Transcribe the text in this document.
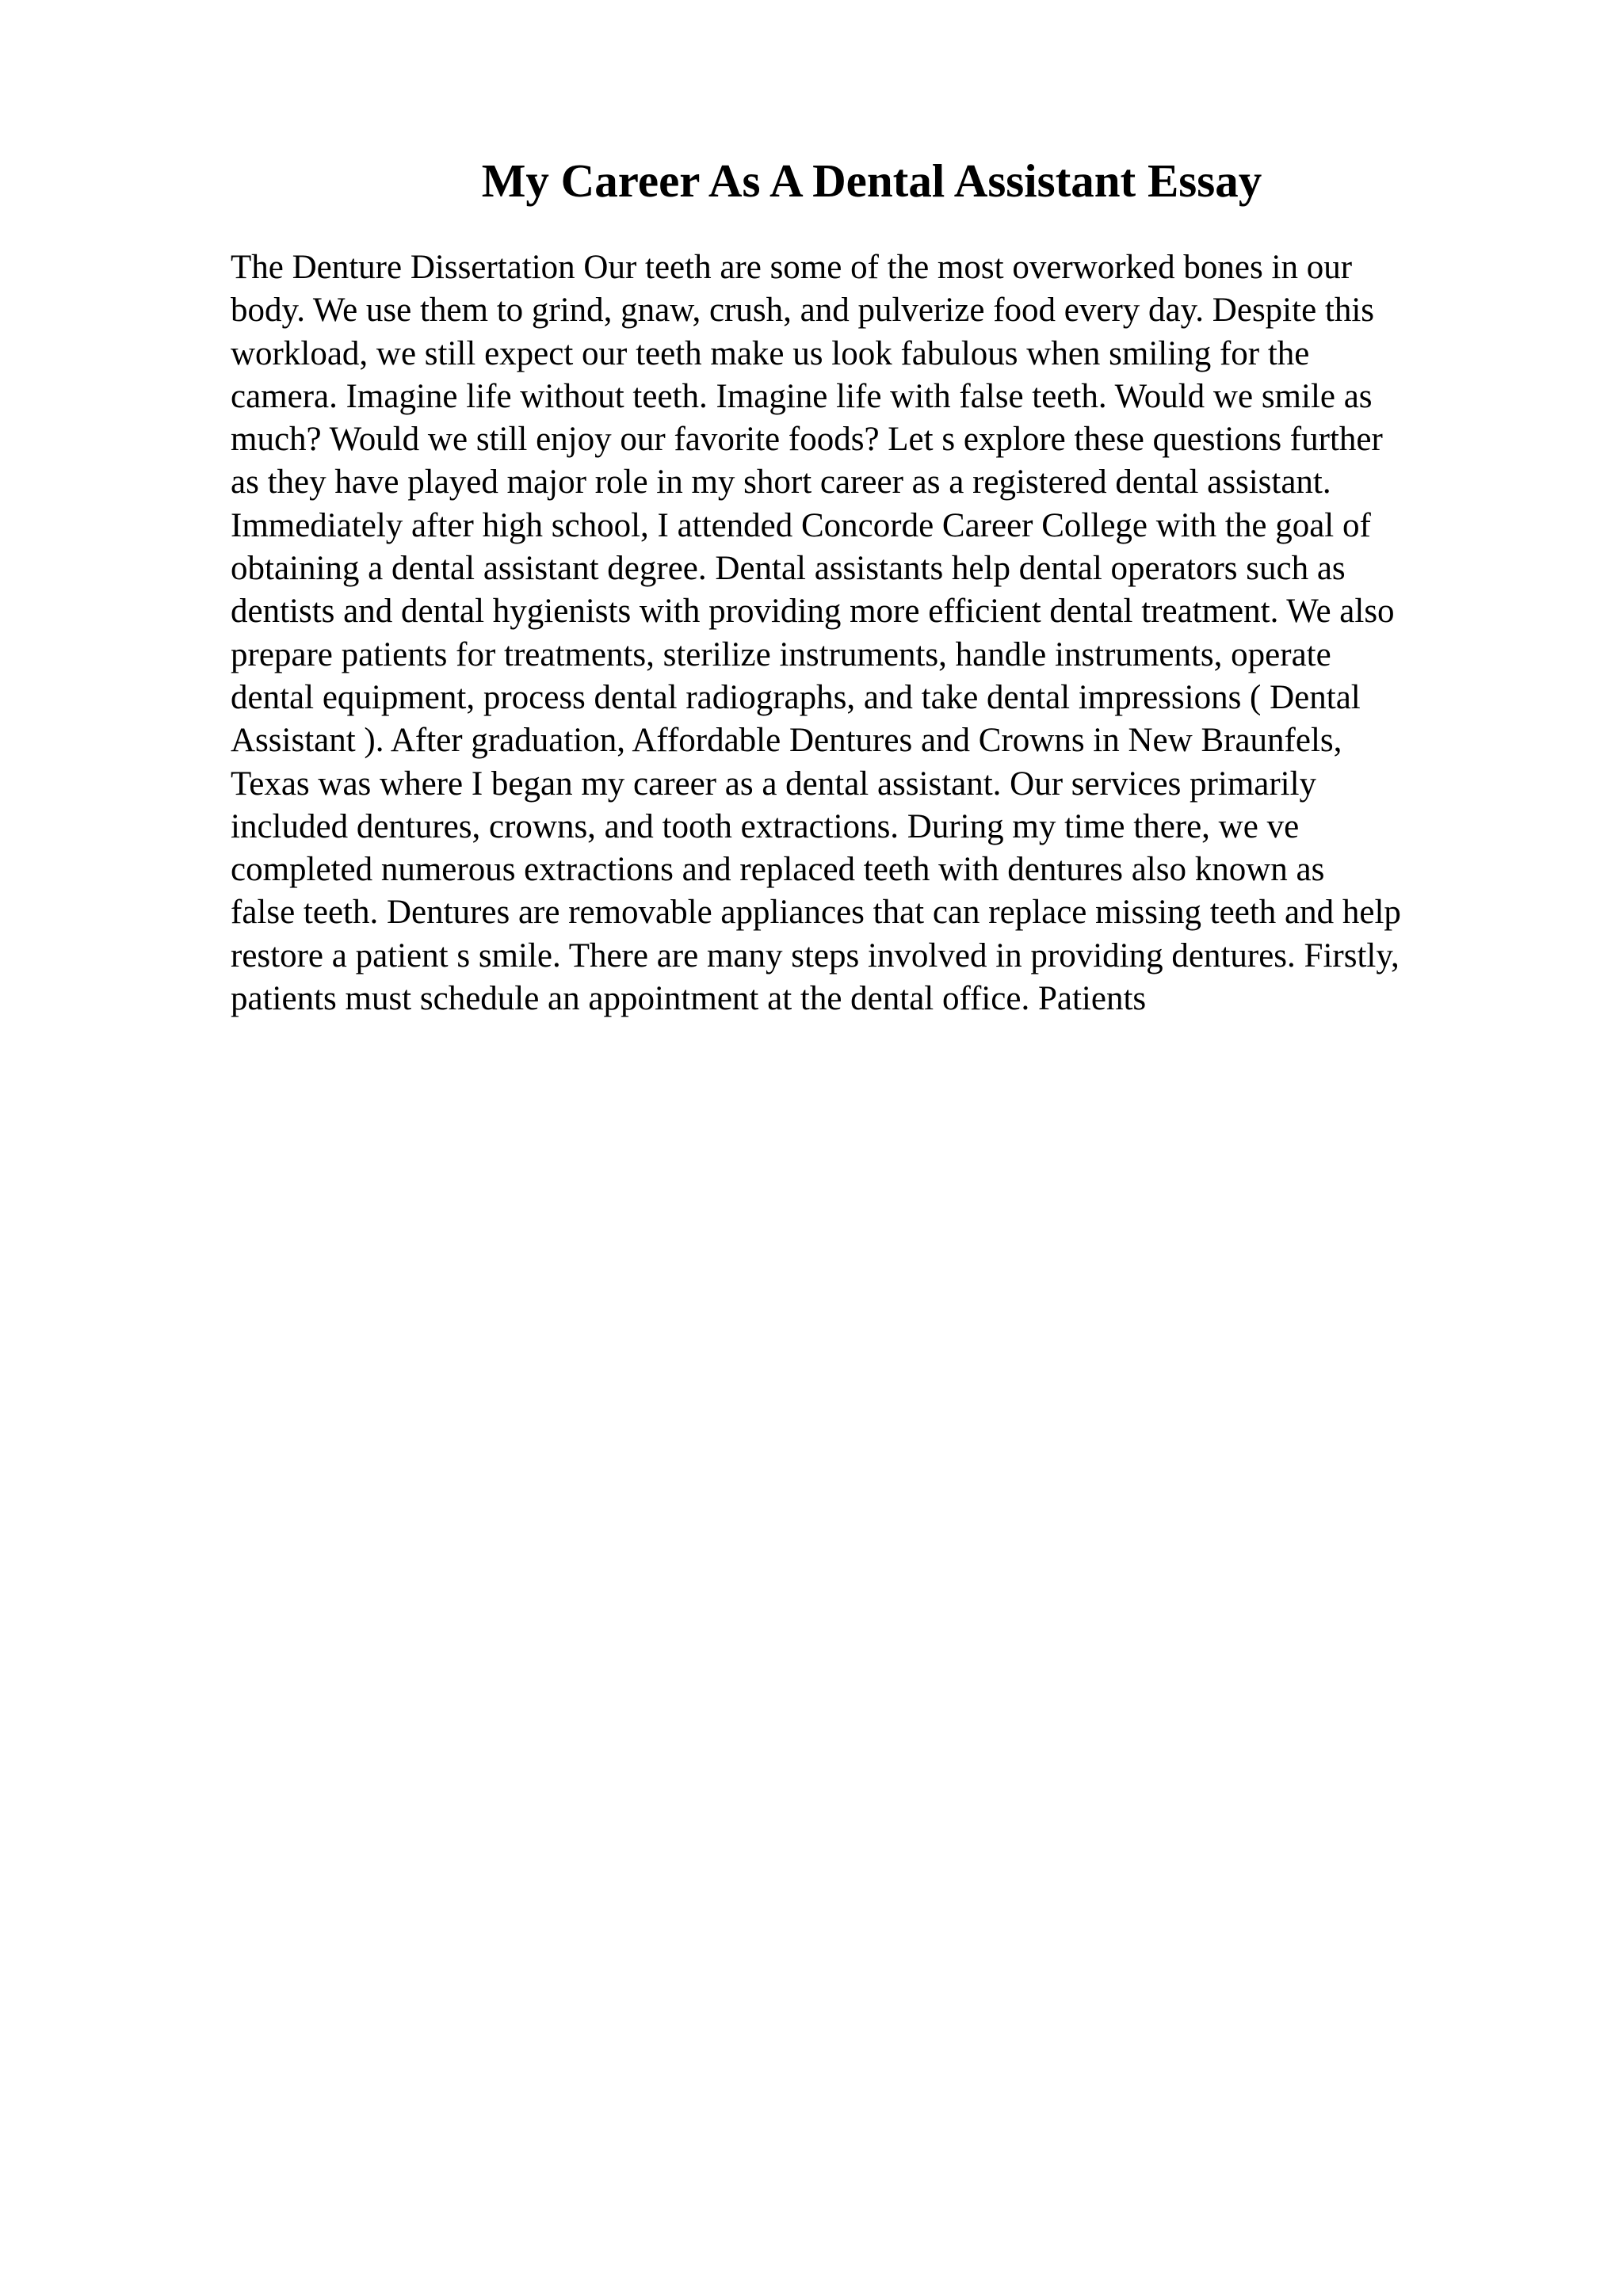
My Career As A Dental Assistant Essay
The Denture Dissertation Our teeth are some of the most overworked bones in our
body. We use them to grind, gnaw, crush, and pulverize food every day. Despite this
workload, we still expect our teeth make us look fabulous when smiling for the
camera. Imagine life without teeth. Imagine life with false teeth. Would we smile as
much? Would we still enjoy our favorite foods? Let s explore these questions further
as they have played major role in my short career as a registered dental assistant.
Immediately after high school, I attended Concorde Career College with the goal of
obtaining a dental assistant degree. Dental assistants help dental operators such as
dentists and dental hygienists with providing more efficient dental treatment. We also
prepare patients for treatments, sterilize instruments, handle instruments, operate
dental equipment, process dental radiographs, and take dental impressions ( Dental
Assistant ). After graduation, Affordable Dentures and Crowns in New Braunfels,
Texas was where I began my career as a dental assistant. Our services primarily
included dentures, crowns, and tooth extractions. During my time there, we ve
completed numerous extractions and replaced teeth with dentures also known as
false teeth. Dentures are removable appliances that can replace missing teeth and help
restore a patient s smile. There are many steps involved in providing dentures. Firstly,
patients must schedule an appointment at the dental office. Patients
